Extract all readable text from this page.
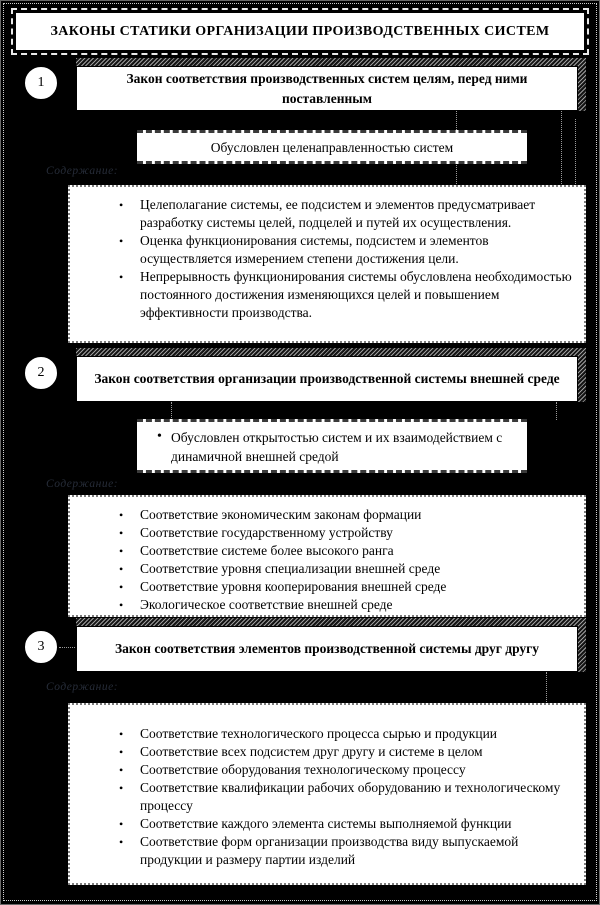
ЗАКОНЫ СТАТИКИ ОРГАНИЗАЦИИ ПРОИЗВОДСТВЕННЫХ СИСТЕМ
1	Закон соответствия производственных систем целям, перед ними поставленным
Обусловлен целенаправленностью систем
Содержание:
• Целеполагание системы, ее подсистем и элементов предусматривает разработку системы целей, подцелей и путей их осуществления.
• Оценка функционирования системы, подсистем и элементов осуществляется измерением степени достижения цели.
• Непрерывность функционирования системы обусловлена необходимостью постоянного достижения изменяющихся целей и повышением эффективности производства.
2	Закон соответствия организации производственной системы внешней среде
• Обусловлен открытостью систем и их взаимодействием с динамичной внешней средой
Содержание:
• Соответствие экономическим законам формации
• Соответствие государственному устройству
• Соответствие системе более высокого ранга
• Соответствие уровня специализации внешней среде
• Соответствие уровня кооперирования внешней среде
• Экологическое соответствие внешней среде
3	Закон соответствия элементов производственной системы друг другу
Содержание:
• Соответствие технологического процесса сырью и продукции
• Соответствие всех подсистем друг другу и системе в целом
• Соответствие оборудования технологическому процессу
• Соответствие квалификации рабочих оборудованию и технологическому процессу
• Соответствие каждого элемента системы выполняемой функции
• Соответствие форм организации производства виду выпускаемой продукции и размеру партии изделий
